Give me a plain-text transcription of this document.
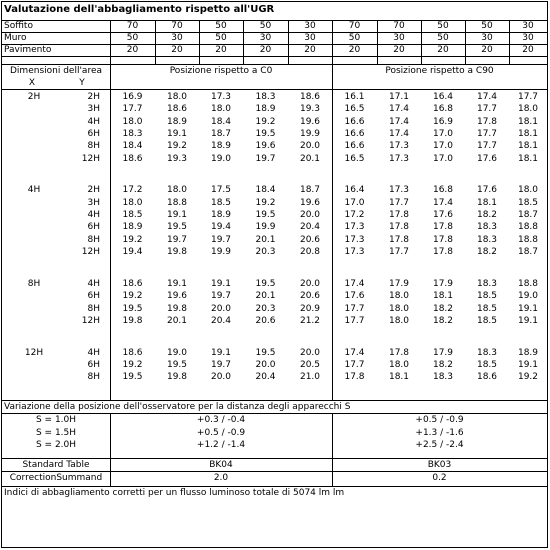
Valutazione dell'abbagliamento rispetto all'UGR
Soffito	70	70	50	50	30	70	70	50	50	30
Muro	50	30	50	30	30	50	30	50	30	30
Pavimento	20	20	20	20	20	20	20	20	20	20
Dimensioni dell'area
X	Y
Posizione rispetto a C0	Posizione rispetto a C90
2H	2H	16.9	18.0	17.3	18.3	18.6	16.1	17.1	16.4	17.4	17.7
3H	17.7	18.6	18.0	18.9	19.3	16.5	17.4	16.8	17.7	18.0
4H	18.0	18.9	18.4	19.2	19.6	16.6	17.4	16.9	17.8	18.1
6H	18.3	19.1	18.7	19.5	19.9	16.6	17.4	17.0	17.7	18.1
8H	18.4	19.2	18.9	19.6	20.0	16.6	17.3	17.0	17.7	18.1
12H	18.6	19.3	19.0	19.7	20.1	16.5	17.3	17.0	17.6	18.1
4H	2H	17.2	18.0	17.5	18.4	18.7	16.4	17.3	16.8	17.6	18.0
3H	18.0	18.8	18.5	19.2	19.6	17.0	17.7	17.4	18.1	18.5
4H	18.5	19.1	18.9	19.5	20.0	17.2	17.8	17.6	18.2	18.7
6H	18.9	19.5	19.4	19.9	20.4	17.3	17.8	17.8	18.3	18.8
8H	19.2	19.7	19.7	20.1	20.6	17.3	17.8	17.8	18.3	18.8
12H	19.4	19.8	19.9	20.3	20.8	17.3	17.7	17.8	18.2	18.7
8H	4H	18.6	19.1	19.1	19.5	20.0	17.4	17.9	17.9	18.3	18.8
6H	19.2	19.6	19.7	20.1	20.6	17.6	18.0	18.1	18.5	19.0
8H	19.5	19.8	20.0	20.3	20.9	17.7	18.0	18.2	18.5	19.1
12H	19.8	20.1	20.4	20.6	21.2	17.7	18.0	18.2	18.5	19.1
12H	4H	18.6	19.0	19.1	19.5	20.0	17.4	17.8	17.9	18.3	18.9
6H	19.2	19.5	19.7	20.0	20.5	17.7	18.0	18.2	18.5	19.1
8H	19.5	19.8	20.0	20.4	21.0	17.8	18.1	18.3	18.6	19.2
Variazione della posizione dell'osservatore per la distanza degli apparecchi S
S = 1.0H	+0.3 / -0.4	+0.5 / -0.9
S = 1.5H	+0.5 / -0.9	+1.3 / -1.6
S = 2.0H	+1.2 / -1.4	+2.5 / -2.4
Standard Table	BK04	BK03
CorrectionSummand	2.0	0.2
Indici di abbagliamento corretti per un flusso luminoso totale di 5074 lm lm
